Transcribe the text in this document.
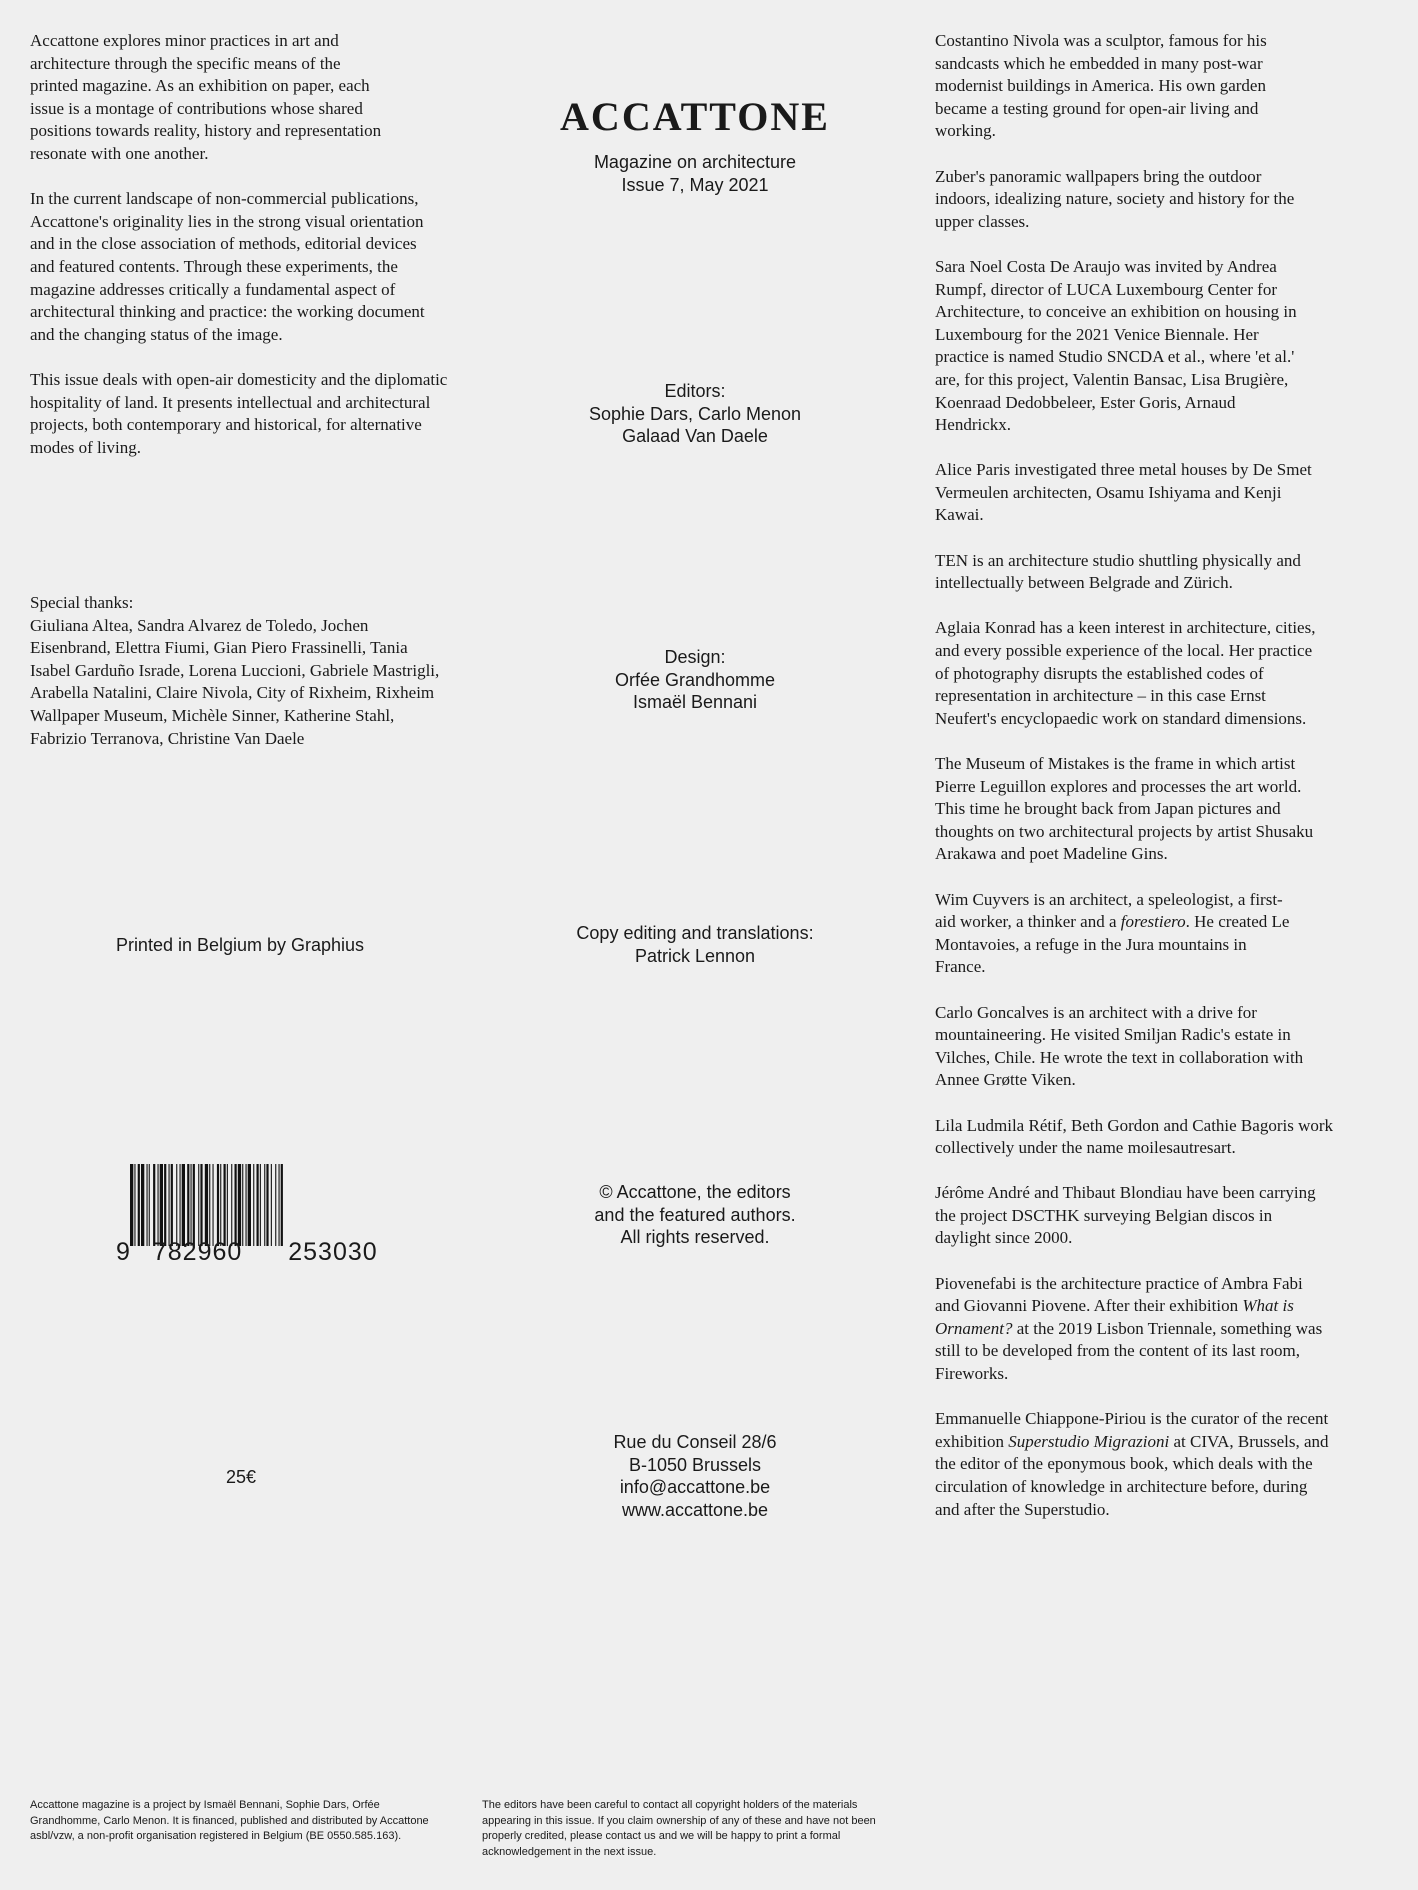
Accattone explores minor practices in art and architecture through the specific means of the printed magazine. As an exhibition on paper, each issue is a montage of contributions whose shared positions towards reality, history and representation resonate with one another.

In the current landscape of non-commercial publications, Accattone's originality lies in the strong visual orientation and in the close association of methods, editorial devices and featured contents. Through these experiments, the magazine addresses critically a fundamental aspect of architectural thinking and practice: the working document and the changing status of the image.

This issue deals with open-air domesticity and the diplomatic hospitality of land. It presents intellectual and architectural projects, both contemporary and historical, for alternative modes of living.

Special thanks:

Giuliana Altea, Sandra Alvarez de Toledo, Jochen Eisenbrand, Elettra Fiumi, Gian Piero Frassinelli, Tania Isabel Garduño Israde, Lorena Luccioni, Gabriele Mastrigli, Arabella Natalini, Claire Nivola, City of Rixheim, Rixheim Wallpaper Museum, Michèle Sinner, Katherine Stahl, Fabrizio Terranova, Christine Van Daele

Printed in Belgium by Graphius
9 782960 253030
25€
ACCATTONE
Magazine on architecture
Issue 7, May 2021
Editors:
Sophie Dars, Carlo Menon
Galaad Van Daele
Design:
Orfée Grandhomme
Ismaël Bennani
Copy editing and translations:
Patrick Lennon
© Accattone, the editors
and the featured authors.
All rights reserved.
Rue du Conseil 28/6
B-1050 Brussels
info@accattone.be
www.accattone.be

Costantino Nivola was a sculptor, famous for his sandcasts which he embedded in many post-war modernist buildings in America. His own garden became a testing ground for open-air living and working.

Zuber's panoramic wallpapers bring the outdoor indoors, idealizing nature, society and history for the upper classes.

Sara Noel Costa De Araujo was invited by Andrea Rumpf, director of LUCA Luxembourg Center for Architecture, to conceive an exhibition on housing in Luxembourg for the 2021 Venice Biennale. Her practice is named Studio SNCDA et al., where 'et al.' are, for this project, Valentin Bansac, Lisa Brugière, Koenraad Dedobbeleer, Ester Goris, Arnaud Hendrickx.

Alice Paris investigated three metal houses by De Smet Vermeulen architecten, Osamu Ishiyama and Kenji Kawai.

TEN is an architecture studio shuttling physically and intellectually between Belgrade and Zürich.

Aglaia Konrad has a keen interest in architecture, cities, and every possible experience of the local. Her practice of photography disrupts the established codes of representation in architecture – in this case Ernst Neufert's encyclopaedic work on standard dimensions.

The Museum of Mistakes is the frame in which artist Pierre Leguillon explores and processes the art world. This time he brought back from Japan pictures and thoughts on two architectural projects by artist Shusaku Arakawa and poet Madeline Gins.

Wim Cuyvers is an architect, a speleologist, a first-aid worker, a thinker and a forestiero. He created Le Montavoies, a refuge in the Jura mountains in France.

Carlo Goncalves is an architect with a drive for mountaineering. He visited Smiljan Radic's estate in Vilches, Chile. He wrote the text in collaboration with Annee Grøtte Viken.

Lila Ludmila Rétif, Beth Gordon and Cathie Bagoris work collectively under the name moilesautresart.

Jérôme André and Thibaut Blondiau have been carrying the project DSCTHK surveying Belgian discos in daylight since 2000.

Piovenefabi is the architecture practice of Ambra Fabi and Giovanni Piovene. After their exhibition What is Ornament? at the 2019 Lisbon Triennale, something was still to be developed from the content of its last room, Fireworks.

Emmanuelle Chiappone-Piriou is the curator of the recent exhibition Superstudio Migrazioni at CIVA, Brussels, and the editor of the eponymous book, which deals with the circulation of knowledge in architecture before, during and after the Superstudio.

Accattone magazine is a project by Ismaël Bennani, Sophie Dars, Orfée Grandhomme, Carlo Menon. It is financed, published and distributed by Accattone asbl/vzw, a non-profit organisation registered in Belgium (BE 0550.585.163).
The editors have been careful to contact all copyright holders of the materials appearing in this issue. If you claim ownership of any of these and have not been properly credited, please contact us and we will be happy to print a formal acknowledgement in the next issue.
